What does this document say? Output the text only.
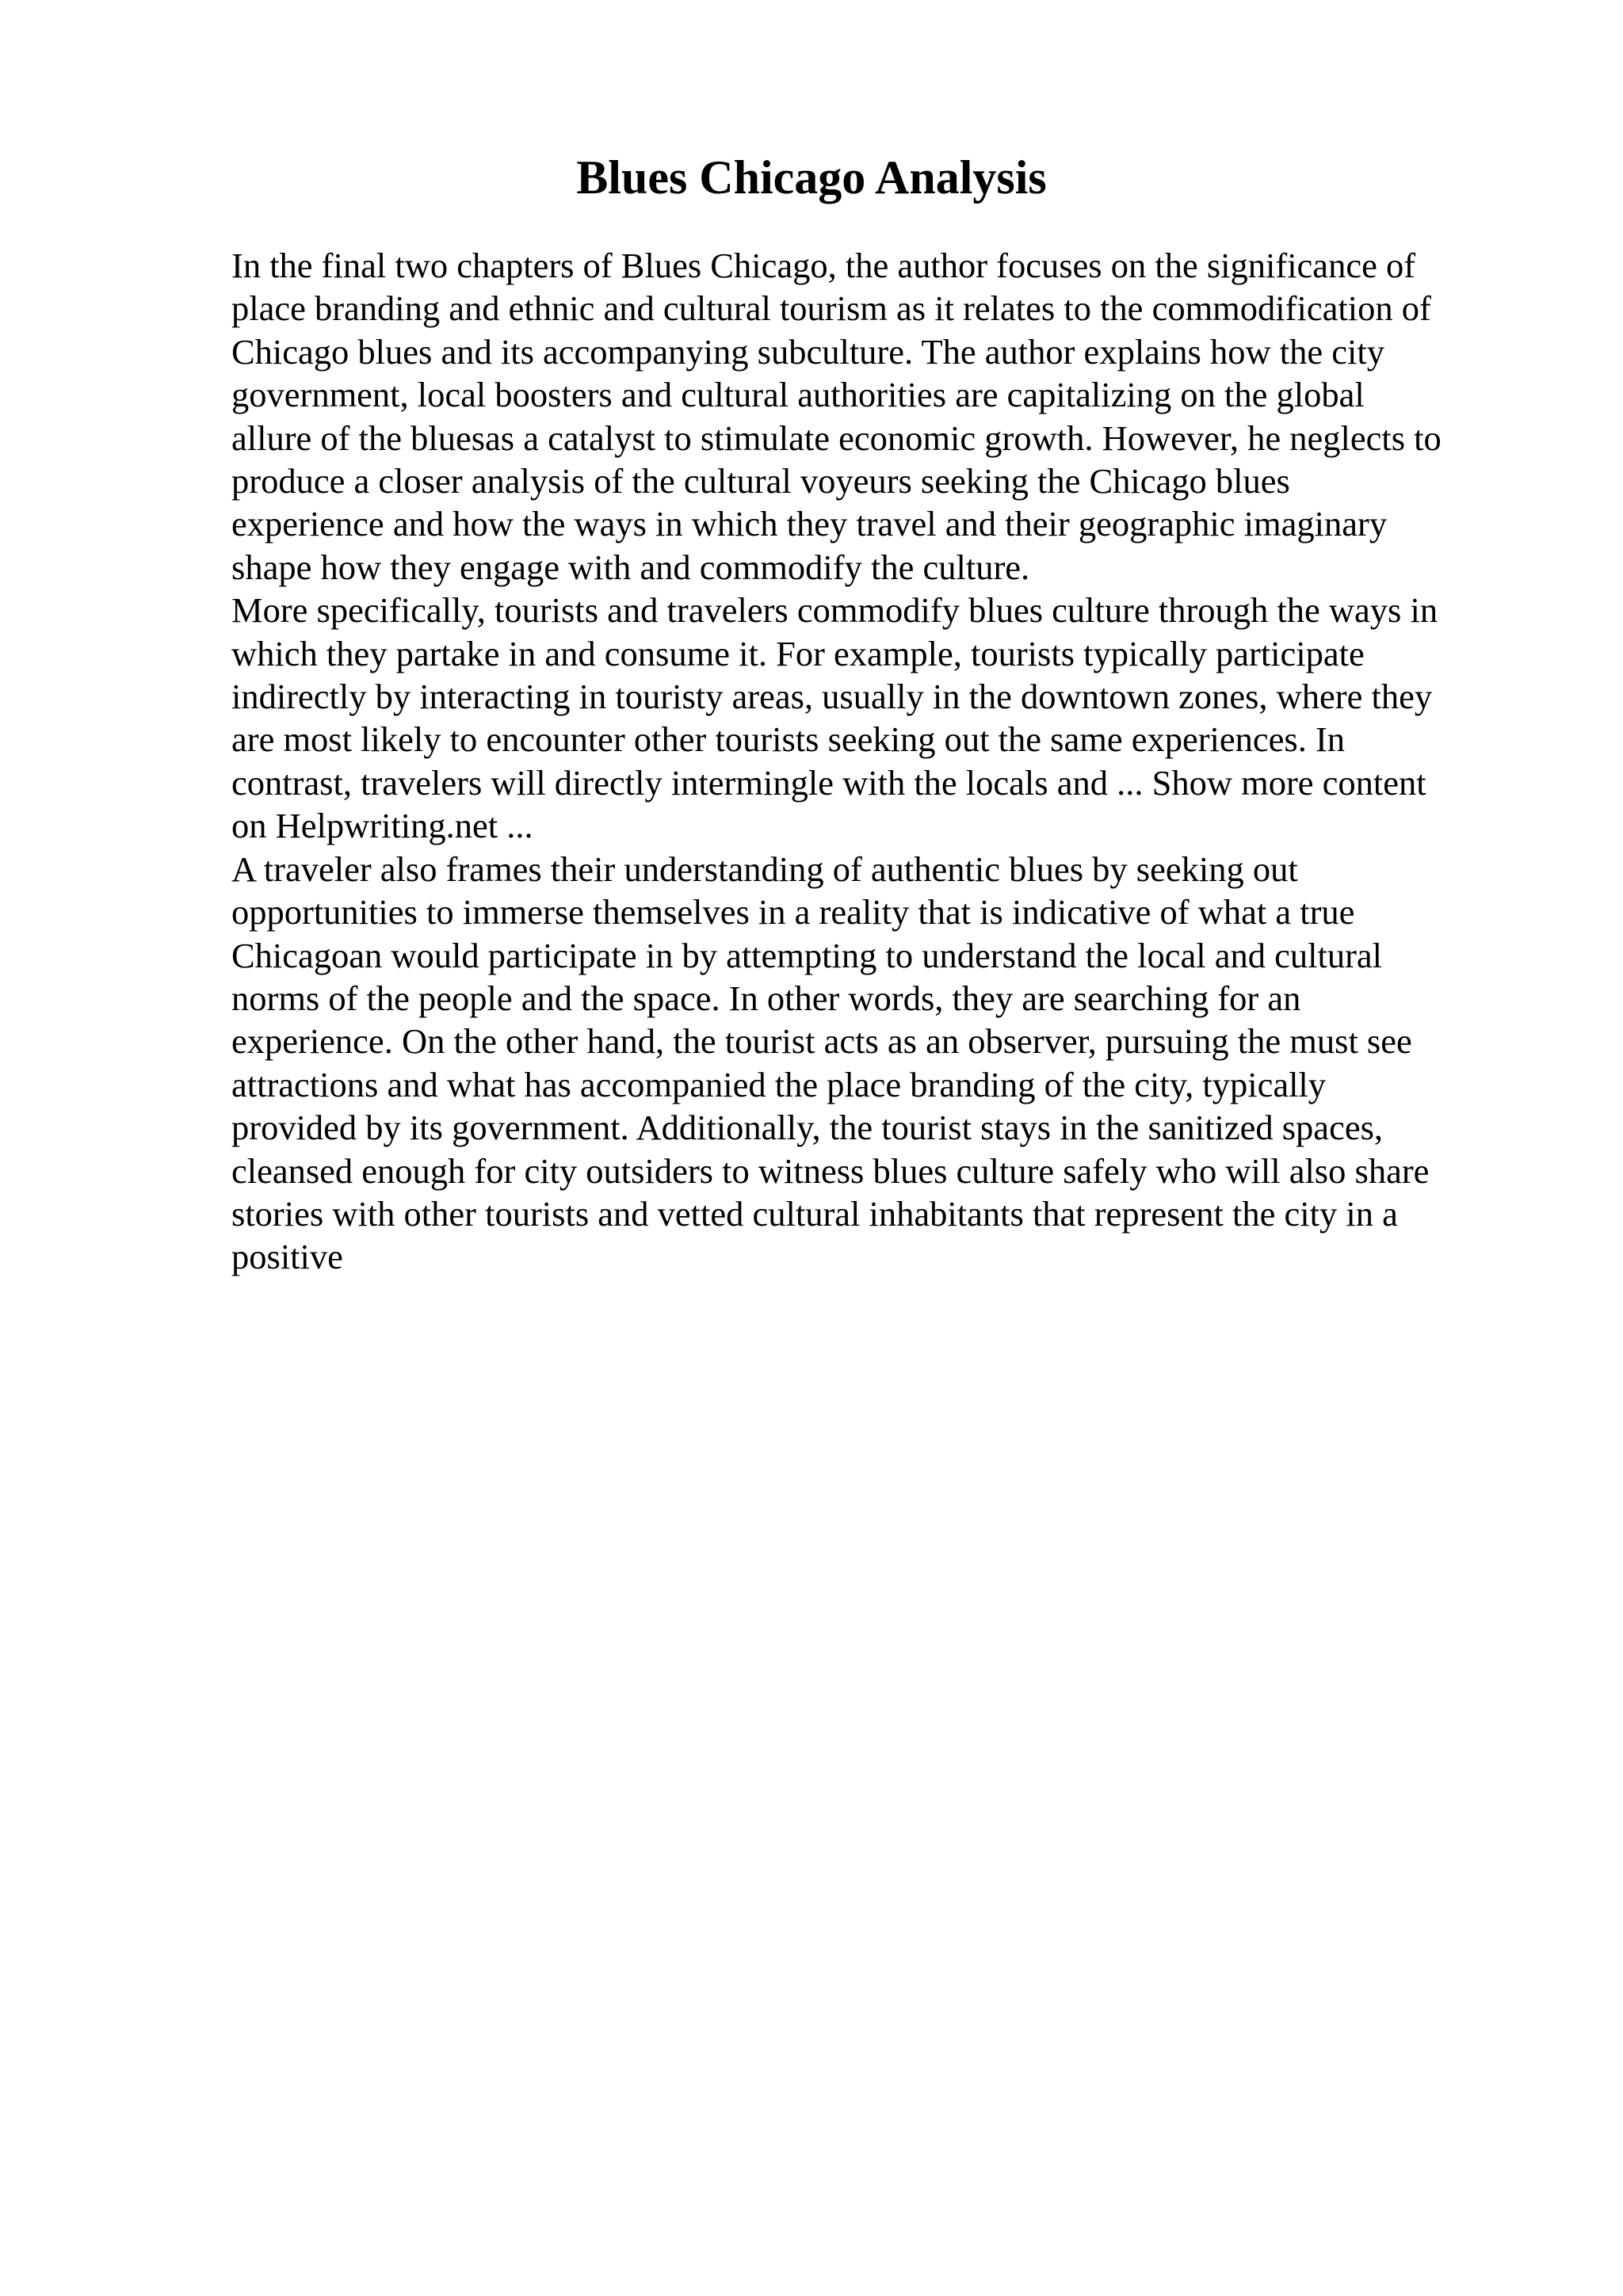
Blues Chicago Analysis
In the final two chapters of Blues Chicago, the author focuses on the significance of
place branding and ethnic and cultural tourism as it relates to the commodification of
Chicago blues and its accompanying subculture. The author explains how the city
government, local boosters and cultural authorities are capitalizing on the global
allure of the bluesas a catalyst to stimulate economic growth. However, he neglects to
produce a closer analysis of the cultural voyeurs seeking the Chicago blues
experience and how the ways in which they travel and their geographic imaginary
shape how they engage with and commodify the culture.
More specifically, tourists and travelers commodify blues culture through the ways in
which they partake in and consume it. For example, tourists typically participate
indirectly by interacting in touristy areas, usually in the downtown zones, where they
are most likely to encounter other tourists seeking out the same experiences. In
contrast, travelers will directly intermingle with the locals and ... Show more content
on Helpwriting.net ...
A traveler also frames their understanding of authentic blues by seeking out
opportunities to immerse themselves in a reality that is indicative of what a true
Chicagoan would participate in by attempting to understand the local and cultural
norms of the people and the space. In other words, they are searching for an
experience. On the other hand, the tourist acts as an observer, pursuing the must see
attractions and what has accompanied the place branding of the city, typically
provided by its government. Additionally, the tourist stays in the sanitized spaces,
cleansed enough for city outsiders to witness blues culture safely who will also share
stories with other tourists and vetted cultural inhabitants that represent the city in a
positive
